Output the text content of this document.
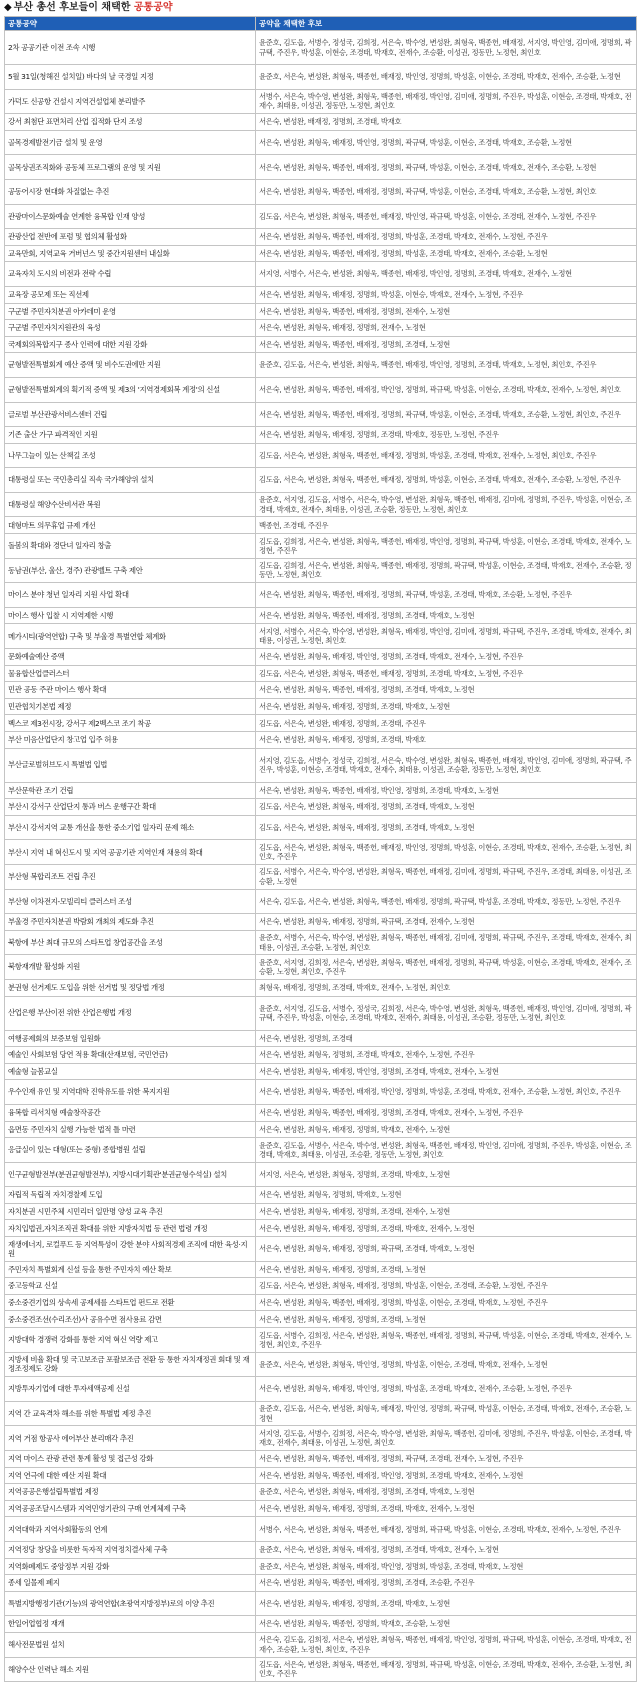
◆ 부산 총선 후보들이 채택한 공통공약
공통공약	공약을 채택한 후보
2차 공공기관 이전 조속 시행	윤준호, 김도읍, 서병수, 정성국, 김희정, 서은숙, 박수영, 변성완, 최형욱, 백종헌, 배재정, 서지영, 박인영, 김미애, 정명희, 곽규택, 주진우, 박성훈, 이현승, 조경태, 박재호, 전재수, 조승환, 이성권, 정동만, 노정현, 최인호
5월 31일(청해진 설치일) 바다의 날 국경일 지정	윤준호, 서은숙, 변성완, 최형욱, 백종헌, 배재정, 박인영, 정명희, 박성훈, 이현승, 조경태, 박재호, 전재수, 조승환, 노정현
가덕도 신공항 건설시 지역건설업체 분리발주	서병수, 서은숙, 박수영, 변성완, 최형욱, 백종헌, 배재정, 박인영, 김미애, 정명희, 주진우, 박성훈, 이현승, 조경태, 박재호, 전재수, 최태용, 이성권, 정동만, 노정현, 최인호
강서 최첨단 표면처리 산업 집적화 단지 조성	서은숙, 변성완, 배재정, 정명희, 조경태, 박재호
골목경제발전기금 설치 및 운영	서은숙, 변성완, 최형욱, 배재정, 박인영, 정명희, 곽규택, 박성훈, 이현승, 조경태, 박재호, 조승환, 노정현
골목상권조직화와 공동체 프로그램의 운영 및 지원	서은숙, 변성완, 최형욱, 백종헌, 배재정, 정명희, 곽규택, 박성훈, 이현승, 조경태, 박재호, 전재수, 조승환, 노정현
공동어시장 현대화 차질없는 추진	서은숙, 변성완, 최형욱, 백종헌, 배재정, 정명희, 곽규택, 박성훈, 이현승, 조경태, 박재호, 조승환, 노정현, 최인호
관광마이스문화예술 연계한 융복합 인재 양성	김도읍, 서은숙, 변성완, 최형욱, 백종헌, 배재정, 박인영, 곽규택, 박성훈, 이현승, 조경태, 전재수, 노정현, 주진우
관광산업 전반에 포럼 및 협의체 활성화	서은숙, 변성완, 최형욱, 백종헌, 배재정, 정명희, 박성훈, 조경태, 박재호, 전재수, 노정현, 주진우
교육만회, 지역교육 거버넌스 및 중간지원센터 내실화	서은숙, 변성완, 최형욱, 백종헌, 배재정, 정명희, 박성훈, 조경태, 박재호, 전재수, 조승환, 노정현
교육자치 도시의 비전과 전략 수립	서지영, 서병수, 서은숙, 변성완, 최형욱, 백종헌, 배재정, 박인영, 정명희, 조경태, 박재호, 전재수, 노정현
교육장 공모제 또는 직선제	서은숙, 변성완, 최형욱, 배재정, 정명희, 박성훈, 이현승, 박재호, 전재수, 노정현, 주진우
구군별 주민자치분권 아카데미 운영	서은숙, 변성완, 최형욱, 백종헌, 배재정, 정명희, 전재수, 노정현
구군별 주민자치지원관의 육성	서은숙, 변성완, 최형욱, 배재정, 정명희, 전재수, 노정현
국제회의복합지구 종사 인력에 대한 지원 강화	서은숙, 변성완, 최형욱, 백종헌, 배재정, 정명희, 조경태, 노정현
균형발전특별회계 예산 증액 및 비수도권에만 지원	윤준호, 김도읍, 서은숙, 변성완, 최형욱, 백종헌, 배재정, 박인영, 정명희, 조경태, 박재호, 노정현, 최인호, 주진우
균형발전특별회계의 획기적 증액 및 제3의 '지역경제회복 계정'의 신설	서은숙, 변성완, 최형욱, 백종헌, 배재정, 박인영, 정명희, 곽규택, 박성훈, 이현승, 조경태, 박재호, 전재수, 노정현, 최인호
글로벌 부산관광서비스센터 건립	서은숙, 변성완, 최형욱, 백종헌, 배재정, 정명희, 곽규택, 박성훈, 이현승, 조경태, 박재호, 조승환, 노정현, 최인호, 주진우
기존 출산 가구 파격적인 지원	서은숙, 변성완, 최형욱, 배재정, 정명희, 조경태, 박재호, 정동만, 노정현, 주진우
나무그늘이 있는 산책길 조성	김도읍, 서은숙, 변성완, 최형욱, 백종헌, 배재정, 정명희, 박성훈, 조경태, 박재호, 전재수, 노정현, 최인호, 주진우
대통령실 또는 국민총리실 직속 국가해양위 설치	김도읍, 서은숙, 변성완, 최형욱, 백종헌, 배재정, 정명희, 박성훈, 이현승, 조경태, 박재호, 전재수, 조승환, 노정현, 주진우
대통령실 해양수산비서관 복원	윤준호, 서지영, 김도읍, 서병수, 서은숙, 박수영, 변성완, 최형욱, 백종헌, 배재정, 김미애, 정명희, 주진우, 박성훈, 이현승, 조경태, 박재호, 전재수, 최태용, 이성권, 조승환, 정동만, 노정현, 최인호
대형마트 의무휴업 규제 개선	백종헌, 조경태, 주진우
돌봄의 확대와 경단녀 일자리 창출	김도읍, 김희정, 서은숙, 변성완, 최형욱, 백종헌, 배재정, 박인영, 정명희, 곽규택, 박성훈, 이현승, 조경태, 박재호, 전재수, 노정현, 주진우
동남권(부산, 울산, 경주) 관광벨트 구축 제안	김도읍, 김희정, 서은숙, 변성완, 최형욱, 백종헌, 배재정, 정명희, 곽규택, 박성훈, 이현승, 조경태, 박재호, 전재수, 조승환, 정동만, 노정현, 최인호
마이스 분야 청년 일자리 지원 사업 확대	서은숙, 변성완, 최형욱, 백종헌, 배재정, 정명희, 곽규택, 박성훈, 조경태, 박재호, 조승환, 노정현, 주진우
마이스 행사 입찰 시 지역제한 시행	서은숙, 변성완, 최형욱, 백종헌, 배재정, 정명희, 조경태, 박재호, 노정현
메가시티(광역연합) 구축 및 부울경 특별연합 체계화	서지영, 서병수, 서은숙, 박수영, 변성완, 최형욱, 배재정, 박인영, 김미애, 정명희, 곽규택, 주진우, 조경태, 박재호, 전재수, 최태용, 이성권, 노정현, 최인호
문화예술예산 증액	서은숙, 변성완, 최형욱, 배재정, 박인영, 정명희, 조경태, 박재호, 전재수, 노정현, 주진우
물융합산업클러스터	김도읍, 서은숙, 변성완, 최형욱, 백종헌, 배재정, 정명희, 조경태, 박재호, 노정현, 주진우
민관 공동 주관 마이스 행사 확대	서은숙, 변성완, 최형욱, 백종헌, 배재정, 정명희, 조경태, 박재호, 노정현
민관협치기본법 제정	서은숙, 변성완, 최형욱, 배재정, 정명희, 조경태, 박재호, 노정현
벡스코 제3전시장, 강서구 제2벡스코 조기 착공	김도읍, 서은숙, 변성완, 배재정, 정명희, 조경태, 주진우
부산 미음산업단지 창고업 입주 허용	서은숙, 변성완, 최형욱, 배재정, 정명희, 조경태, 박재호
부산글로벌허브도시 특별법 입법	서지영, 김도읍, 서병수, 정성국, 김희정, 서은숙, 박수영, 변성완, 최형욱, 백종헌, 배재정, 박인영, 김미애, 정명희, 곽규택, 주진우, 박성훈, 이현승, 조경태, 박재호, 전재수, 최태용, 이성권, 조승환, 정동만, 노정현, 최인호
부산문학관 조기 건립	서은숙, 변성완, 최형욱, 백종헌, 배재정, 박인영, 정명희, 조경태, 박재호, 노정현
부산시 강서구 산업단지 통과 버스 운행구간 확대	김도읍, 서은숙, 변성완, 최형욱, 배재정, 정명희, 조경태, 박재호, 노정현
부산시 강서지역 교통 개선을 통한 중소기업 일자리 문제 해소	김도읍, 서은숙, 변성완, 최형욱, 배재정, 정명희, 조경태, 박재호, 노정현
부산시 지역 내 혁신도시 및 지역 공공기관 지역인재 채용의 확대	김도읍, 서은숙, 변성완, 최형욱, 백종헌, 배재정, 박인영, 정명희, 박성훈, 이현승, 조경태, 박재호, 전재수, 조승환, 노정현, 최인호, 주진우
부산형 복합리조트 건립 추진	김도읍, 서병수, 서은숙, 박수영, 변성완, 최형욱, 백종헌, 배재정, 김미애, 정명희, 곽규택, 주진우, 조경태, 최태용, 이성권, 조승환, 노정현
부산형 이차전지-모빌리티 클러스터 조성	서은숙, 김도읍, 서은숙, 변성완, 최형욱, 백종헌, 배재정, 정명희, 곽규택, 박성훈, 조경태, 박재호, 정동만, 노정현, 주진우
부울경 주민자치분권 박람회 개최의 제도화 추진	서은숙, 변성완, 최형욱, 배재정, 정명희, 곽규택, 조경태, 전재수, 노정현
북항에 부산 최대 규모의 스타트업 창업공간을 조성	윤준호, 서병수, 서은숙, 박수영, 변성완, 최형욱, 백종헌, 배재정, 김미애, 정명희, 곽규택, 주진우, 조경태, 박재호, 전재수, 최태용, 이성권, 조승환, 노정현, 최인호
북항재개발 활성화 지원	윤준호, 서지영, 김희정, 서은숙, 변성완, 최형욱, 백종헌, 배재정, 정명희, 곽규택, 박성훈, 이현승, 조경태, 박재호, 전재수, 조승환, 노정현, 최인호, 주진우
분권형 선거제도 도입을 위한 선거법 및 정당법 개정	최형욱, 배재정, 정명희, 조경태, 박재호, 전재수, 노정현, 최인호
산업은행 부산이전 위한 산업은행법 개정	윤준호, 서지영, 김도읍, 서병수, 정성국, 김희정, 서은숙, 박수영, 변성완, 최형욱, 백종헌, 배재정, 박인영, 김미애, 정명희, 곽규택, 주진우, 박성훈, 이현승, 조경태, 박재호, 전재수, 최태용, 이성권, 조승환, 정동만, 노정현, 최인호
여행공제회의 보증보험 일원화	서은숙, 변성완, 정명희, 조경태
예술인 사회보험 당연 적용 확대(산재보험, 국민연금)	서은숙, 변성완, 최형욱, 정명희, 조경태, 박재호, 전재수, 노정현, 주진우
예술형 늘봄교실	서은숙, 변성완, 최형욱, 배재정, 박인영, 정명희, 조경태, 박재호, 전재수, 노정현
우수인재 유인 및 지역대학 진학유도를 위한 복지지원	서은숙, 변성완, 최형욱, 백종헌, 배재정, 박인영, 정명희, 박성훈, 조경태, 박재호, 전재수, 조승환, 노정현, 최인호, 주진우
융복합 리서치형 예술창작공간	서은숙, 변성완, 최형욱, 백종헌, 배재정, 정명희, 조경태, 박재호, 전재수, 노정현, 주진우
읍면동 주민자치 실행 가능한 법적 틀 마련	서은숙, 변성완, 최형욱, 배재정, 정명희, 박재호, 전재수, 노정현
응급실이 있는 대형(또는 중형) 종합병원 설립	윤준호, 김도읍, 서병수, 서은숙, 박수영, 변성완, 최형욱, 백종헌, 배재정, 박인영, 김미애, 정명희, 주진우, 박성훈, 이현승, 조경태, 박재호, 최태용, 이성권, 조승환, 정동만, 노정현, 최인호
인구균형발전부(분권균형발전부), 지방시대기획관'분권균형수석실) 설치	서지영, 서은숙, 변성완, 최형욱, 정명희, 조경태, 박재호, 노정현
자립적 독립적 자치경찰제 도입	서은숙, 변성완, 최형욱, 정명희, 박재호, 노정현
자치분권 시민주체 시민리더 일만명 양성 교육 추진	서은숙, 변성완, 최형욱, 배재정, 정명희, 조경태, 전재수, 노정현
자치입법권,자치조직권 확대를 위한 지방자치법 등 관련 법령 개정	서은숙, 변성완, 최형욱, 배재정, 정명희, 조경태, 박재호, 전재수, 노정현
재생에너지, 로컬푸드 등 지역특성이 강한 분야 사회적경제 조직에 대한 육성·지원	서은숙, 변성완, 최형욱, 배재정, 정명희, 곽규택, 조경태, 박재호, 노정현
주민자치 특별회계 신설 등을 통한 주민자치 예산 확보	서은숙, 변성완, 최형욱, 배재정, 정명희, 조경태, 노정현
중고등학교 신설	김도읍, 서은숙, 변성완, 최형욱, 배재정, 정명희, 박성훈, 이현승, 조경태, 조승환, 노정현, 주진우
중소중견기업의 상속세 공제세를 스타트업 펀드로 전환	서은숙, 변성완, 최형욱, 백종헌, 배재정, 정명희, 박성훈, 이현승, 조경태, 박재호, 노정현, 주진우
중소중견조선(수리조선)사 공유수면 점사용료 감면	서은숙, 변성완, 최형욱, 배재정, 정명희, 조경태, 노정현
지방대학 경쟁력 강화를 통한 지역 혁신 역량 제고	김도읍, 서병수, 김희정, 서은숙, 변성완, 최형욱, 백종헌, 배재정, 정명희, 곽규택, 박성훈, 이현승, 조경태, 박재호, 전재수, 노정현, 최인호, 주진우
지방세 비율 확대 및 국고보조금 포괄보조금 전환 등 통한 자치재정권 회대 및 재정조정제도 강화	윤준호, 서은숙, 변성완, 최형욱, 박인영, 정명희, 박성훈, 이현승, 조경태, 박재호, 전재수, 노정현
지방투자기업에 대한 투자세액공제 신설	서은숙, 변성완, 최형욱, 배재정, 박인영, 정명희, 박성훈, 조경태, 박재호, 전재수, 조승환, 노정현, 주진우
지역 간 교육격차 해소를 위한 특별법 제정 추진	윤준호, 김도읍, 서은숙, 변성완, 최형욱, 배재정, 박인영, 정명희, 곽규택, 박성훈, 이현승, 조경태, 박재호, 전재수, 조승환, 노정현
지역 거점 항공사 에어부산 분리매각 추진	서지영, 김도읍, 서병수, 김희정, 서은숙, 박수영, 변성완, 최형욱, 백종헌, 김미애, 정명희, 주진우, 박성훈, 이현승, 조경태, 박재호, 전재수, 최태용, 이성권, 노정현, 최인호
지역 마이스 관광 관련 통계 활성 및 접근성 강화	서은숙, 변성완, 최형욱, 백종헌, 배재정, 정명희, 곽규택, 조경태, 전재수, 노정현, 주진우
지역 연극에 대한 예산 지원 확대	서은숙, 변성완, 최형욱, 백종헌, 배재정, 박인영, 정명희, 조경태, 박재호, 전재수, 노정현
지역공공은행설립특별법 제정	윤준호, 서은숙, 변성완, 최형욱, 배재정, 정명희, 조경태, 박재호, 노정현
지역공공조달시스템과 지역민영기관의 구매 연계체제 구축	서은숙, 변성완, 최형욱, 배재정, 정명희, 조경태, 박재호, 전재수, 노정현
지역대학과 지역사회활동의 연계	서병수, 서은숙, 변성완, 최형욱, 백종헌, 배재정, 정명희, 곽규택, 박성훈, 이현승, 조경태, 박재호, 전재수, 노정현, 주진우
지역정당 창당을 비롯한 독자적 지역정치결사체 구축	윤준호, 서은숙, 변성완, 최형욱, 배재정, 정명희, 조경태, 박재호, 전재수, 노정현
지역화폐제도 중앙정부 지원 강화	윤준호, 서은숙, 변성완, 최형욱, 배재정, 박인영, 정명희, 박성훈, 조경태, 박재호, 노정현
종세 일몰제 폐지	서은숙, 변성완, 최형욱, 백종헌, 배재정, 정명희, 조경태, 조승환, 주진우
특별지방행정기관(기능)의 광역연합(초광역지방정부)로의 이양 추진	서은숙, 변성완, 최형욱, 배재정, 정명희, 조경태, 박재호, 노정현
한일어업협정 재개	서은숙, 변성완, 최형욱, 백종헌, 정명희, 박재호, 조승환, 노정현
해사전문법원 설치	서은숙, 김도읍, 김희정, 서은숙, 변성완, 최형욱, 백종헌, 배재정, 박인영, 정명희, 곽규택, 박성훈, 이현승, 조경태, 박재호, 전재수, 조승환, 노정현, 최인호, 주진우
해양수산 인력난 해소 지원	김도읍, 서은숙, 변성완, 최형욱, 백종헌, 배재정, 정명희, 곽규택, 박성훈, 이현승, 조경태, 박재호, 전재수, 조승환, 노정현, 최인호, 주진우
